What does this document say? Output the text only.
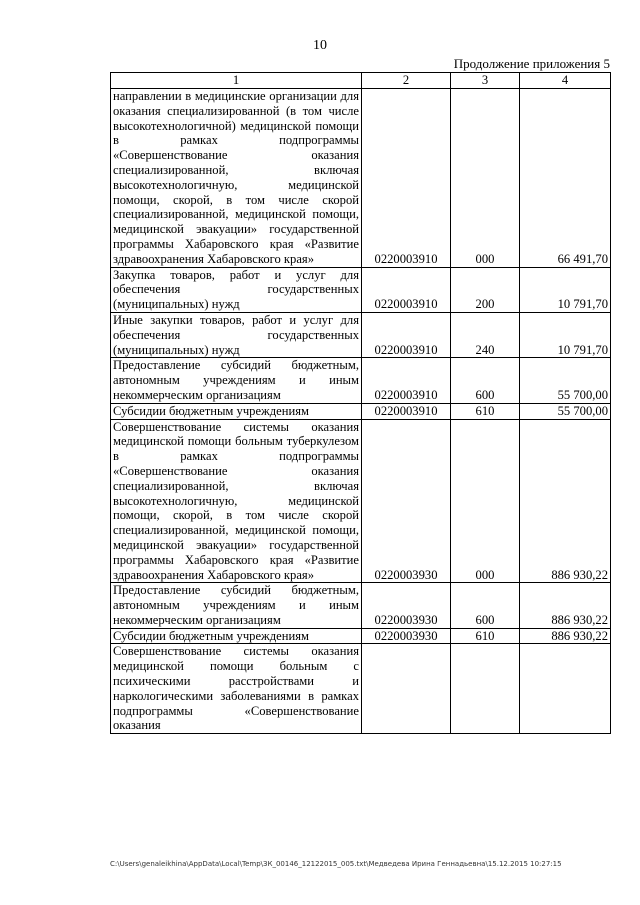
10
Продолжение приложения 5
1	2	3	4
направлении в медицинские организации для оказания специализированной (в том числе высокотехнологичной) медицинской помощи в рамках подпрограммы «Совершенствование оказания специализированной, включая высокотехнологичную, медицинской помощи, скорой, в том числе скорой специализированной, медицинской помощи, медицинской эвакуации» государственной программы Хабаровского края «Развитие здравоохранения Хабаровского края»	0220003910	000	66 491,70
Закупка товаров, работ и услуг для обеспечения государственных (муниципальных) нужд	0220003910	200	10 791,70
Иные закупки товаров, работ и услуг для обеспечения государственных (муниципальных) нужд	0220003910	240	10 791,70
Предоставление субсидий бюджетным, автономным учреждениям и иным некоммерческим организациям	0220003910	600	55 700,00
Субсидии бюджетным учреждениям	0220003910	610	55 700,00
Совершенствование системы оказания медицинской помощи больным туберкулезом в рамках подпрограммы «Совершенствование оказания специализированной, включая высокотехнологичную, медицинской помощи, скорой, в том числе скорой специализированной, медицинской помощи, медицинской эвакуации» государственной программы Хабаровского края «Развитие здравоохранения Хабаровского края»	0220003930	000	886 930,22
Предоставление субсидий бюджетным, автономным учреждениям и иным некоммерческим организациям	0220003930	600	886 930,22
Субсидии бюджетным учреждениям	0220003930	610	886 930,22
Совершенствование системы оказания медицинской помощи больным с психическими расстройствами и наркологическими заболеваниями в рамках подпрограммы «Совершенствование оказания			
C:\Users\genaleikhina\AppData\Local\Temp\ЗК_00146_12122015_005.txt\Медведева Ирина Геннадьевна\15.12.2015 10:27:15
